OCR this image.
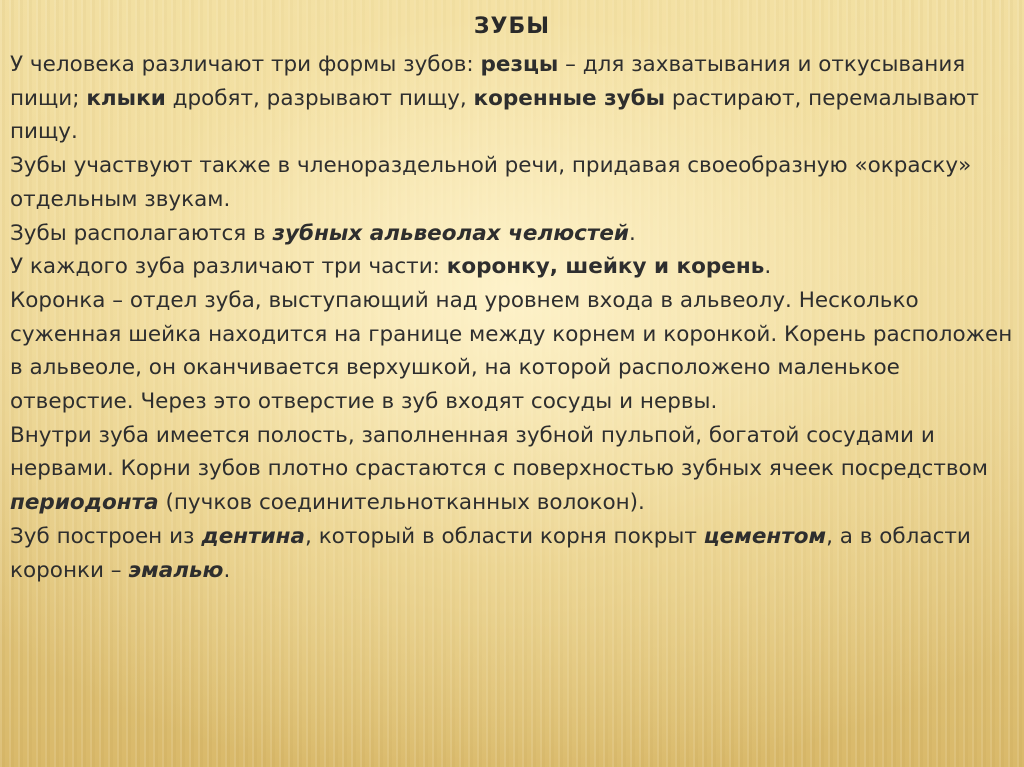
ЗУБЫ

У человека различают три формы зубов: резцы – для захватывания и откусывания пищи; клыки дробят, разрывают пищу, коренные зубы растирают, перемалывают пищу.

Зубы участвуют также в членораздельной речи, придавая своеобразную «окраску» отдельным звукам.

Зубы располагаются в зубных альвеолах челюстей.

У каждого зуба различают три части: коронку, шейку и корень.

Коронка – отдел зуба, выступающий над уровнем входа в альвеолу. Несколько суженная шейка находится на границе между корнем и коронкой. Корень расположен в альвеоле, он оканчивается верхушкой, на которой расположено маленькое отверстие. Через это отверстие в зуб входят сосуды и нервы.

Внутри зуба имеется полость, заполненная зубной пульпой, богатой сосудами и нервами. Корни зубов плотно срастаются с поверхностью зубных ячеек посредством периодонта (пучков соединительнотканных волокон).

Зуб построен из дентина, который в области корня покрыт цементом, а в области коронки – эмалью.
